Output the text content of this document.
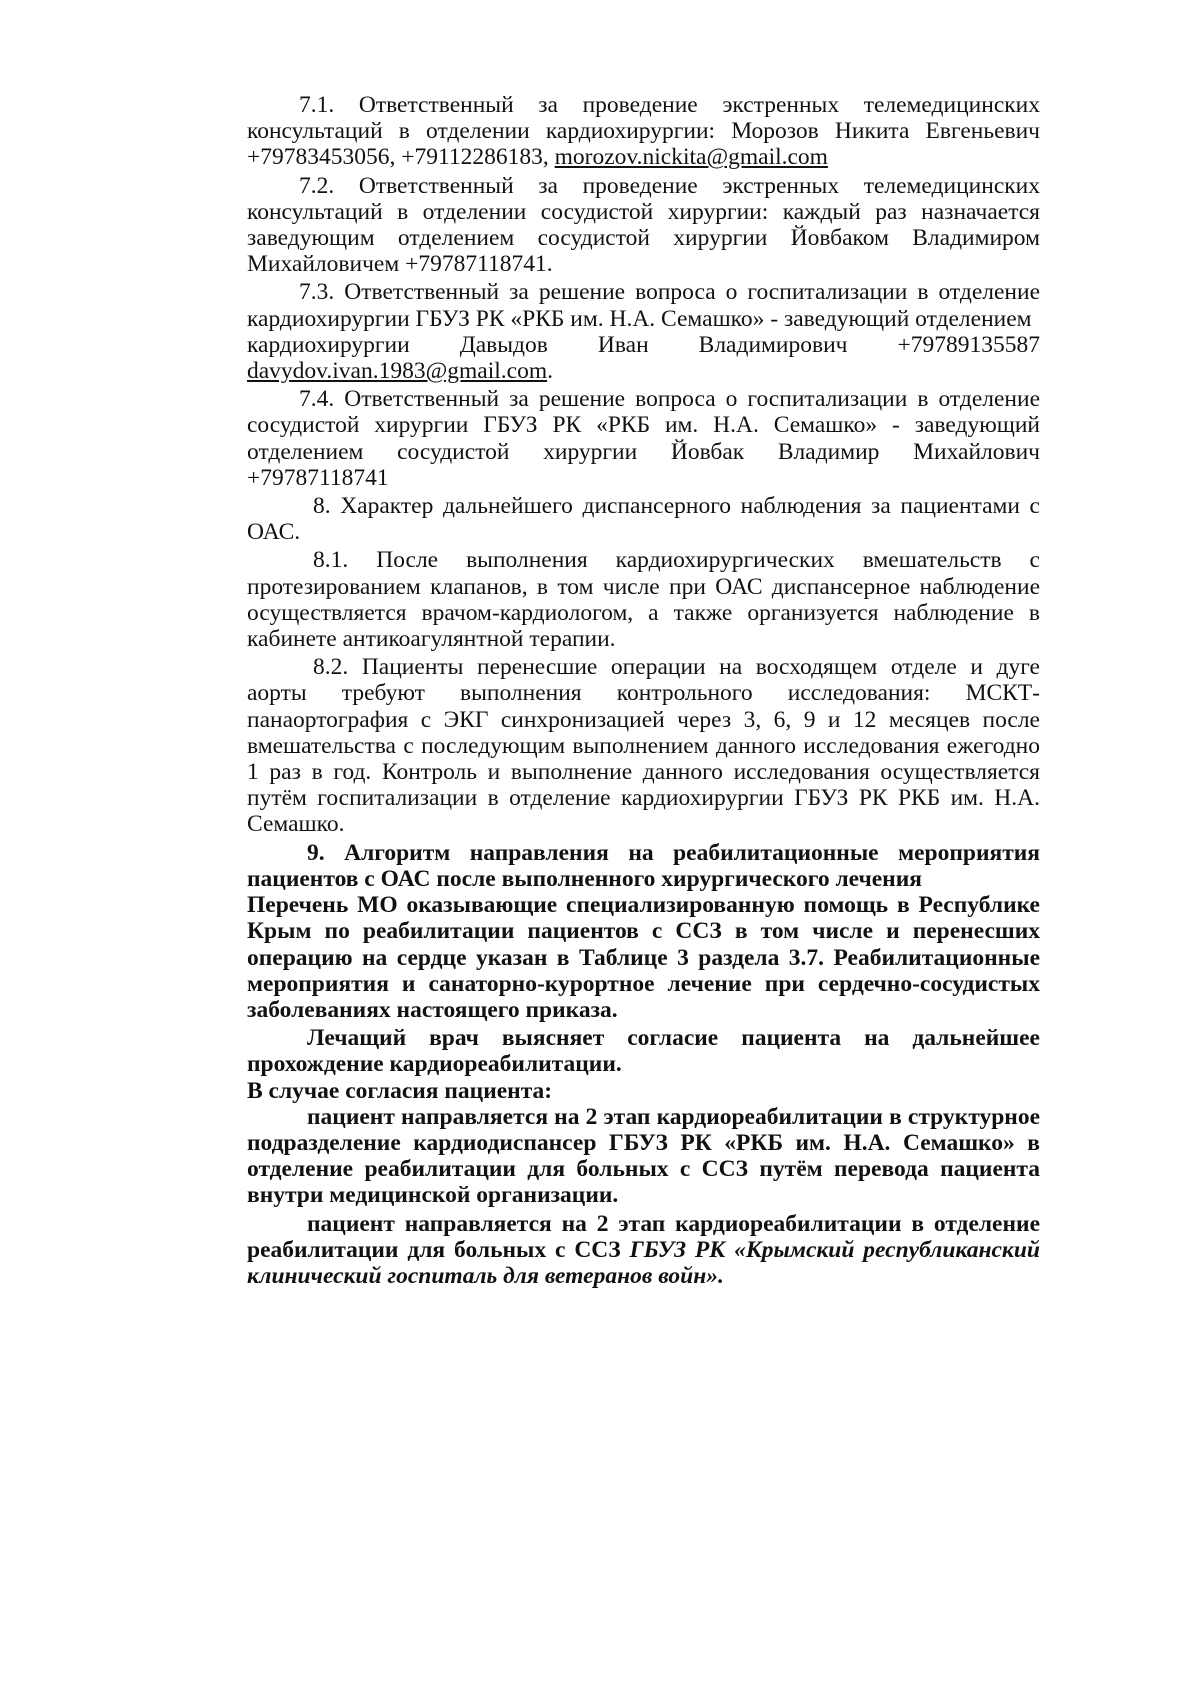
7.1. Ответственный за проведение экстренных телемедицинских консультаций в отделении кардиохирургии: Морозов Никита Евгеньевич +79783453056, +79112286183, morozov.nickita@gmail.com

7.2. Ответственный за проведение экстренных телемедицинских консультаций в отделении сосудистой хирургии: каждый раз назначается заведующим отделением сосудистой хирургии Йовбаком Владимиром Михайловичем +79787118741.

7.3. Ответственный за решение вопроса о госпитализации в отделение кардиохирургии ГБУЗ РК «РКБ им. Н.А. Семашко» - заведующий отделением

кардиохирургии Давыдов Иван Владимирович +79789135587

davydov.ivan.1983@gmail.com.

7.4. Ответственный за решение вопроса о госпитализации в отделение сосудистой хирургии ГБУЗ РК «РКБ им. Н.А. Семашко» - заведующий отделением сосудистой хирургии Йовбак Владимир Михайлович +79787118741

8. Характер дальнейшего диспансерного наблюдения за пациентами с ОАС.

8.1. После выполнения кардиохирургических вмешательств с протезированием клапанов, в том числе при ОАС диспансерное наблюдение осуществляется врачом-кардиологом, а также организуется наблюдение в кабинете антикоагулянтной терапии.

8.2. Пациенты перенесшие операции на восходящем отделе и дуге аорты требуют выполнения контрольного исследования: МСКТ-панаортография с ЭКГ синхронизацией через 3, 6, 9 и 12 месяцев после вмешательства с последующим выполнением данного исследования ежегодно 1 раз в год. Контроль и выполнение данного исследования осуществляется путём госпитализации в отделение кардиохирургии ГБУЗ РК РКБ им. Н.А. Семашко.

9. Алгоритм направления на реабилитационные мероприятия пациентов с ОАС после выполненного хирургического лечения

Перечень МО оказывающие специализированную помощь в Республике Крым по реабилитации пациентов с ССЗ в том числе и перенесших операцию на сердце указан в Таблице 3 раздела 3.7. Реабилитационные мероприятия и санаторно-курортное лечение при сердечно-сосудистых заболеваниях настоящего приказа.

Лечащий врач выясняет согласие пациента на дальнейшее прохождение кардиореабилитации.

В случае согласия пациента:

пациент направляется на 2 этап кардиореабилитации в структурное подразделение кардиодиспансер ГБУЗ РК «РКБ им. Н.А. Семашко» в отделение реабилитации для больных с ССЗ путём перевода пациента внутри медицинской организации.

пациент направляется на 2 этап кардиореабилитации в отделение реабилитации для больных с ССЗ ГБУЗ РК «Крымский республиканский клинический госпиталь для ветеранов войн».
